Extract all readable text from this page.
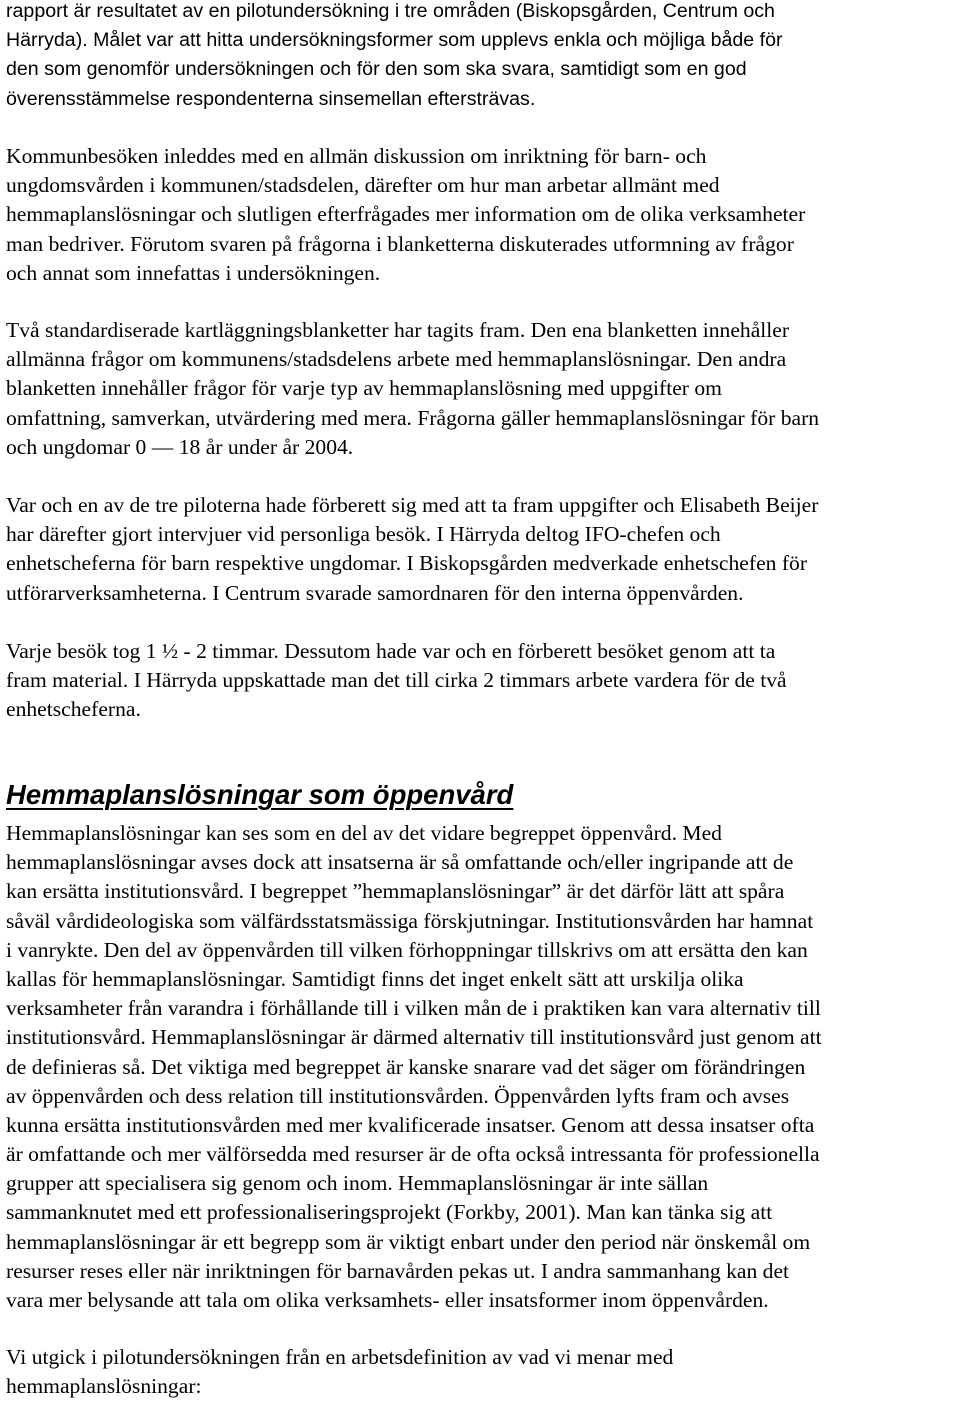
rapport är resultatet av en pilotundersökning i tre områden (Biskopsgården, Centrum och
Härryda). Målet var att hitta undersökningsformer som upplevs enkla och möjliga både för
den som genomför undersökningen och för den som ska svara, samtidigt som en god
överensstämmelse respondenterna sinsemellan eftersträvas.
Kommunbesöken inleddes med en allmän diskussion om inriktning för barn- och
ungdomsvården i kommunen/stadsdelen, därefter om hur man arbetar allmänt med
hemmaplanslösningar och slutligen efterfrågades mer information om de olika verksamheter
man bedriver. Förutom svaren på frågorna i blanketterna diskuterades utformning av frågor
och annat som innefattas i undersökningen.
Två standardiserade kartläggningsblanketter har tagits fram. Den ena blanketten innehåller
allmänna frågor om kommunens/stadsdelens arbete med hemmaplanslösningar. Den andra
blanketten innehåller frågor för varje typ av hemmaplanslösning med uppgifter om
omfattning, samverkan, utvärdering med mera. Frågorna gäller hemmaplanslösningar för barn
och ungdomar 0 — 18 år under år 2004.
Var och en av de tre piloterna hade förberett sig med att ta fram uppgifter och Elisabeth Beijer
har därefter gjort intervjuer vid personliga besök. I Härryda deltog IFO-chefen och
enhetscheferna för barn respektive ungdomar. I Biskopsgården medverkade enhetschefen för
utförarverksamheterna. I Centrum svarade samordnaren för den interna öppenvården.
Varje besök tog 1 ½ - 2 timmar. Dessutom hade var och en förberett besöket genom att ta
fram material. I Härryda uppskattade man det till cirka 2 timmars arbete vardera för de två
enhetscheferna.
Hemmaplanslösningar som öppenvård
Hemmaplanslösningar kan ses som en del av det vidare begreppet öppenvård. Med
hemmaplanslösningar avses dock att insatserna är så omfattande och/eller ingripande att de
kan ersätta institutionsvård. I begreppet ”hemmaplanslösningar” är det därför lätt att spåra
såväl vårdideologiska som välfärdsstatsmässiga förskjutningar. Institutionsvården har hamnat
i vanrykte. Den del av öppenvården till vilken förhoppningar tillskrivs om att ersätta den kan
kallas för hemmaplanslösningar. Samtidigt finns det inget enkelt sätt att urskilja olika
verksamheter från varandra i förhållande till i vilken mån de i praktiken kan vara alternativ till
institutionsvård. Hemmaplanslösningar är därmed alternativ till institutionsvård just genom att
de definieras så. Det viktiga med begreppet är kanske snarare vad det säger om förändringen
av öppenvården och dess relation till institutionsvården. Öppenvården lyfts fram och avses
kunna ersätta institutionsvården med mer kvalificerade insatser. Genom att dessa insatser ofta
är omfattande och mer välförsedda med resurser är de ofta också intressanta för professionella
grupper att specialisera sig genom och inom. Hemmaplanslösningar är inte sällan
sammanknutet med ett professionaliseringsprojekt (Forkby, 2001). Man kan tänka sig att
hemmaplanslösningar är ett begrepp som är viktigt enbart under den period när önskemål om
resurser reses eller när inriktningen för barnavården pekas ut. I andra sammanhang kan det
vara mer belysande att tala om olika verksamhets- eller insatsformer inom öppenvården.
Vi utgick i pilotundersökningen från en arbetsdefinition av vad vi menar med
hemmaplanslösningar:
